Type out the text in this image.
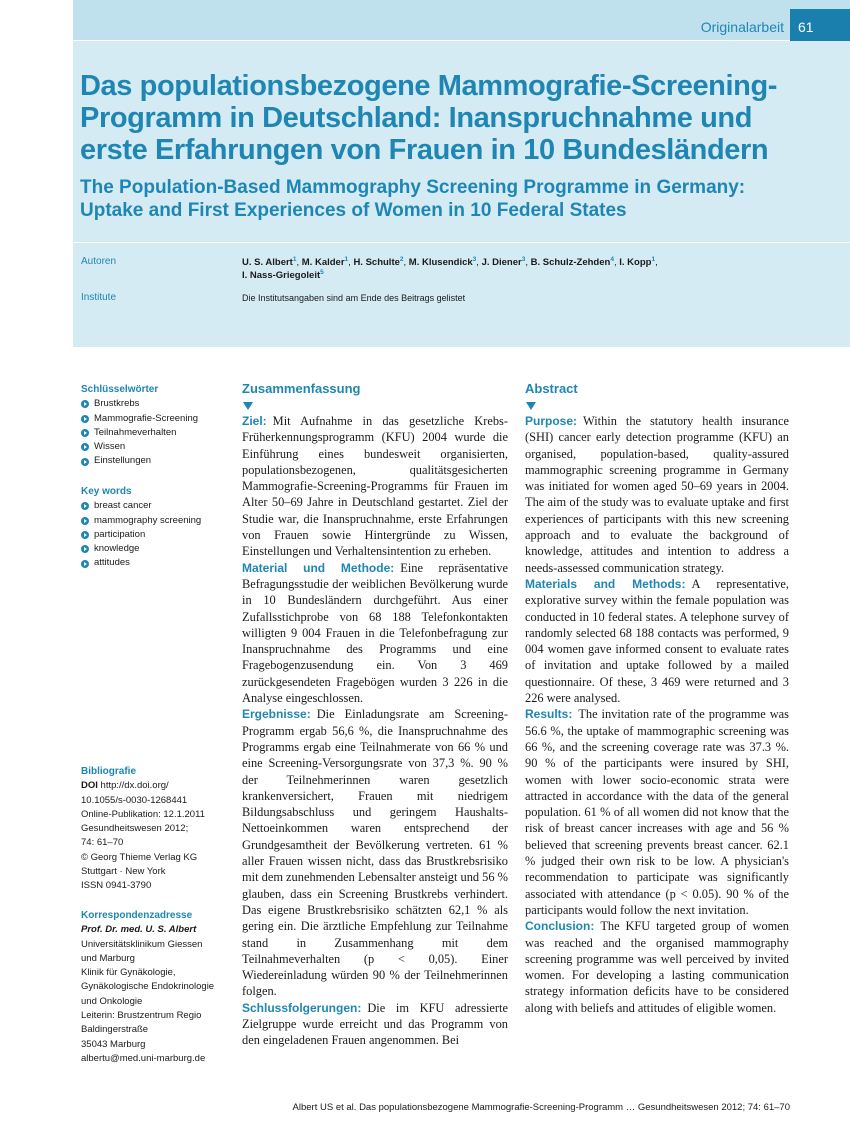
Originalarbeit	61
Das populationsbezogene Mammografie-Screening-Programm in Deutschland: Inanspruchnahme und erste Erfahrungen von Frauen in 10 Bundesländern
The Population-Based Mammography Screening Programme in Germany: Uptake and First Experiences of Women in 10 Federal States
Autoren	U. S. Albert$^1$, M. Kalder$^1$, H. Schulte$^2$, M. Klusendick$^3$, J. Diener$^3$, B. Schulz-Zehden$^4$, I. Kopp$^1$,
I. Nass-Griegoleit$^5$
Institute	Die Institutsangaben sind am Ende des Beitrags gelistet
Schlüsselwörter
Brustkrebs
Mammografie-Screening
Teilnahmeverhalten
Wissen
Einstellungen
Key words
breast cancer
mammography screening
participation
knowledge
attitudes
Bibliografie
DOI http://dx.doi.org/
10.1055/s-0030-1268441
Online-Publikation: 12.1.2011
Gesundheitswesen 2012;
74: 61–70
© Georg Thieme Verlag KG
Stuttgart · New York
ISSN 0941-3790
Korrespondenzadresse
Prof. Dr. med. U. S. Albert
Universitätsklinikum Giessen
und Marburg
Klinik für Gynäkologie,
Gynäkologische Endokrinologie
und Onkologie
Leiterin: Brustzentrum Regio
Baldingerstraße
35043 Marburg
albertu@med.uni-marburg.de
Zusammenfassung

Ziel: Mit Aufnahme in das gesetzliche Krebs-Früherkennungsprogramm (KFU) 2004 wurde die Einführung eines bundesweit organisierten, populationsbezogenen, qualitätsgesicherten Mammografie-Screening-Programms für Frauen im Alter 50–69 Jahre in Deutschland gestartet. Ziel der Studie war, die Inanspruchnahme, erste Erfahrungen von Frauen sowie Hintergründe zu Wissen, Einstellungen und Verhaltensintention zu erheben.

Material und Methode: Eine repräsentative Befragungsstudie der weiblichen Bevölkerung wurde in 10 Bundesländern durchgeführt. Aus einer Zufallsstichprobe von 68 188 Telefonkontakten willigten 9 004 Frauen in die Telefonbefragung zur Inanspruchnahme des Programms und eine Fragebogenzusendung ein. Von 3 469 zurückgesendeten Fragebögen wurden 3 226 in die Analyse eingeschlossen.

Ergebnisse: Die Einladungsrate am Screening-Programm ergab 56,6 %, die Inanspruchnahme des Programms ergab eine Teilnahmerate von 66 % und eine Screening-Versorgungsrate von 37,3 %. 90 % der Teilnehmerinnen waren gesetzlich krankenversichert, Frauen mit niedrigem Bildungsabschluss und geringem Haushalts-Nettoeinkommen waren entsprechend der Grundgesamtheit der Bevölkerung vertreten. 61 % aller Frauen wissen nicht, dass das Brustkrebsrisiko mit dem zunehmenden Lebensalter ansteigt und 56 % glauben, dass ein Screening Brustkrebs verhindert. Das eigene Brustkrebsrisiko schätzten 62,1 % als gering ein. Die ärztliche Empfehlung zur Teilnahme stand in Zusammenhang mit dem Teilnahmeverhalten (p < 0,05). Einer Wiedereinladung würden 90 % der Teilnehmerinnen folgen.

Schlussfolgerungen: Die im KFU adressierte Zielgruppe wurde erreicht und das Programm von den eingeladenen Frauen angenommen. Bei

Abstract

Purpose: Within the statutory health insurance (SHI) cancer early detection programme (KFU) an organised, population-based, quality-assured mammographic screening programme in Germany was initiated for women aged 50–69 years in 2004. The aim of the study was to evaluate uptake and first experiences of participants with this new screening approach and to evaluate the background of knowledge, attitudes and intention to address a needs-assessed communication strategy.

Materials and Methods: A representative, explorative survey within the female population was conducted in 10 federal states. A telephone survey of randomly selected 68 188 contacts was performed, 9 004 women gave informed consent to evaluate rates of invitation and uptake followed by a mailed questionnaire. Of these, 3 469 were returned and 3 226 were analysed.

Results: The invitation rate of the programme was 56.6 %, the uptake of mammographic screening was 66 %, and the screening coverage rate was 37.3 %. 90 % of the participants were insured by SHI, women with lower socio-economic strata were attracted in accordance with the data of the general population. 61 % of all women did not know that the risk of breast cancer increases with age and 56 % believed that screening prevents breast cancer. 62.1 % judged their own risk to be low. A physician's recommendation to participate was significantly associated with attendance (p < 0.05). 90 % of the participants would follow the next invitation.

Conclusion: The KFU targeted group of women was reached and the organised mammography screening programme was well perceived by invited women. For developing a lasting communication strategy information deficits have to be considered along with beliefs and attitudes of eligible women.

Albert US et al. Das populationsbezogene Mammografie-Screening-Programm … Gesundheitswesen 2012; 74: 61–70
